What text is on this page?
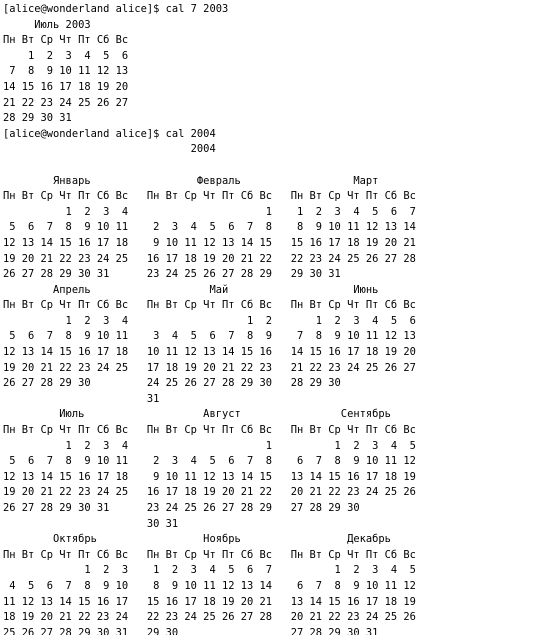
[alice@wonderland alice]$ cal 7 2003
Июль 2003
Пн Вт Ср Чт Пт Сб Вс
1  2  3  4  5  6
7  8  9 10 11 12 13
14 15 16 17 18 19 20
21 22 23 24 25 26 27
28 29 30 31
[alice@wonderland alice]$ cal 2004
2004
Январь                 Февраль                  Март
Пн Вт Ср Чт Пт Сб Вс   Пн Вт Ср Чт Пт Сб Вс   Пн Вт Ср Чт Пт Сб Вс
1  2  3  4                      1    1  2  3  4  5  6  7
5  6  7  8  9 10 11    2  3  4  5  6  7  8    8  9 10 11 12 13 14
12 13 14 15 16 17 18    9 10 11 12 13 14 15   15 16 17 18 19 20 21
19 20 21 22 23 24 25   16 17 18 19 20 21 22   22 23 24 25 26 27 28
26 27 28 29 30 31      23 24 25 26 27 28 29   29 30 31
Апрель                   Май                    Июнь
Пн Вт Ср Чт Пт Сб Вс   Пн Вт Ср Чт Пт Сб Вс   Пн Вт Ср Чт Пт Сб Вс
1  2  3  4                   1  2       1  2  3  4  5  6
5  6  7  8  9 10 11    3  4  5  6  7  8  9    7  8  9 10 11 12 13
12 13 14 15 16 17 18   10 11 12 13 14 15 16   14 15 16 17 18 19 20
19 20 21 22 23 24 25   17 18 19 20 21 22 23   21 22 23 24 25 26 27
26 27 28 29 30         24 25 26 27 28 29 30   28 29 30
31
Июль                   Август                Сентябрь
Пн Вт Ср Чт Пт Сб Вс   Пн Вт Ср Чт Пт Сб Вс   Пн Вт Ср Чт Пт Сб Вс
1  2  3  4                      1          1  2  3  4  5
5  6  7  8  9 10 11    2  3  4  5  6  7  8    6  7  8  9 10 11 12
12 13 14 15 16 17 18    9 10 11 12 13 14 15   13 14 15 16 17 18 19
19 20 21 22 23 24 25   16 17 18 19 20 21 22   20 21 22 23 24 25 26
26 27 28 29 30 31      23 24 25 26 27 28 29   27 28 29 30
30 31
Октябрь                 Ноябрь                 Декабрь
Пн Вт Ср Чт Пт Сб Вс   Пн Вт Ср Чт Пт Сб Вс   Пн Вт Ср Чт Пт Сб Вс
1  2  3    1  2  3  4  5  6  7          1  2  3  4  5
4  5  6  7  8  9 10    8  9 10 11 12 13 14    6  7  8  9 10 11 12
11 12 13 14 15 16 17   15 16 17 18 19 20 21   13 14 15 16 17 18 19
18 19 20 21 22 23 24   22 23 24 25 26 27 28   20 21 22 23 24 25 26
25 26 27 28 29 30 31   29 30                  27 28 29 30 31
